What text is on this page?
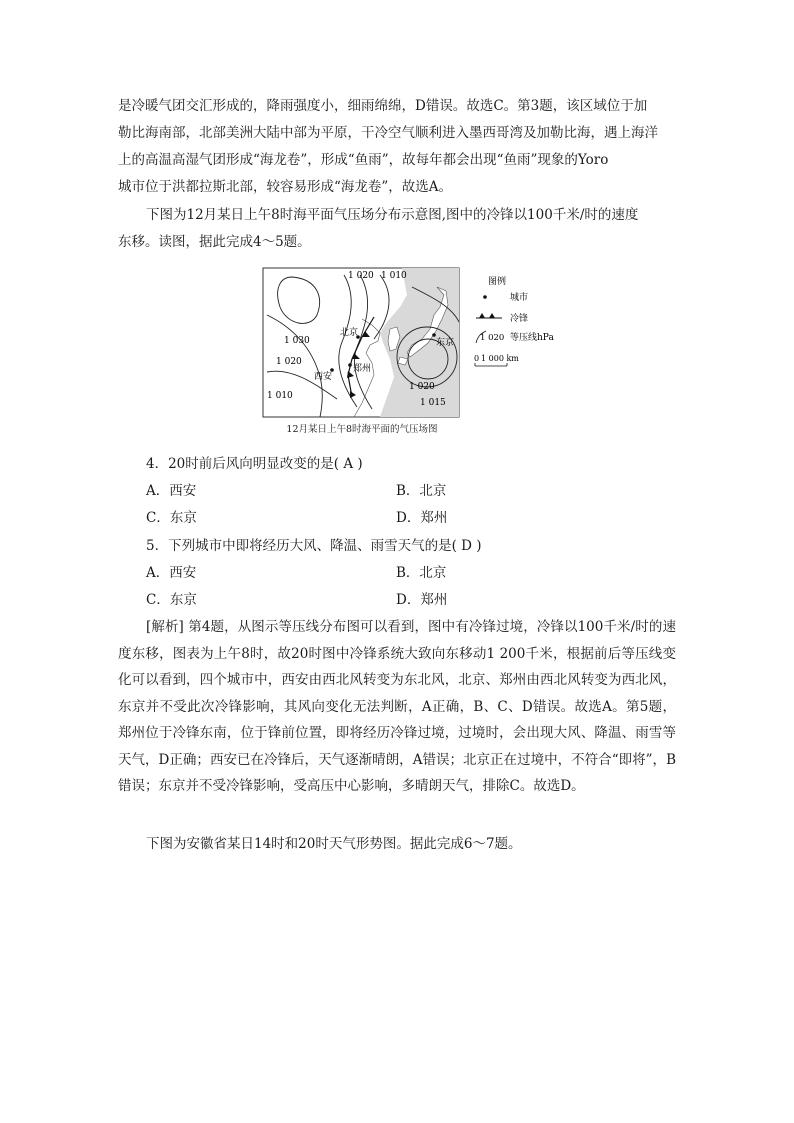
是冷暖气团交汇形成的，降雨强度小，细雨绵绵，D错误。故选C。第3题，该区域位于加
勒比海南部，北部美洲大陆中部为平原，干冷空气顺利进入墨西哥湾及加勒比海，遇上海洋
上的高温高湿气团形成“海龙卷”，形成“鱼雨”，故每年都会出现“鱼雨”现象的Yoro
城市位于洪都拉斯北部，较容易形成“海龙卷”，故选A。
下图为12月某日上午8时海平面气压场分布示意图,图中的冷锋以100千米/时的速度
东移。读图，据此完成4～5题。
1 020 1 010
1 030
1 020
1 010
1 020
1 015
北京
西安
郑州
东京
图例
城市
冷锋
1 020 等压线hPa
0 1 000 km
12月某日上午8时海平面的气压场图
4．20时前后风向明显改变的是( A )
A．西安	B．北京
C．东京	D．郑州
5．下列城市中即将经历大风、降温、雨雪天气的是( D )
A．西安	B．北京
C．东京	D．郑州
[解析] 第4题，从图示等压线分布图可以看到，图中有冷锋过境，冷锋以100千米/时的速度东移，图表为上午8时，故20时图中冷锋系统大致向东移动1 200千米，根据前后等压线变化可以看到，四个城市中，西安由西北风转变为东北风，北京、郑州由西北风转变为西北风，东京并不受此次冷锋影响，其风向变化无法判断，A正确，B、C、D错误。故选A。第5题，郑州位于冷锋东南，位于锋前位置，即将经历冷锋过境，过境时，会出现大风、降温、雨雪等天气，D正确；西安已在冷锋后，天气逐渐晴朗，A错误；北京正在过境中，不符合“即将”，B错误；东京并不受冷锋影响，受高压中心影响，多晴朗天气，排除C。故选D。
下图为安徽省某日14时和20时天气形势图。据此完成6～7题。
